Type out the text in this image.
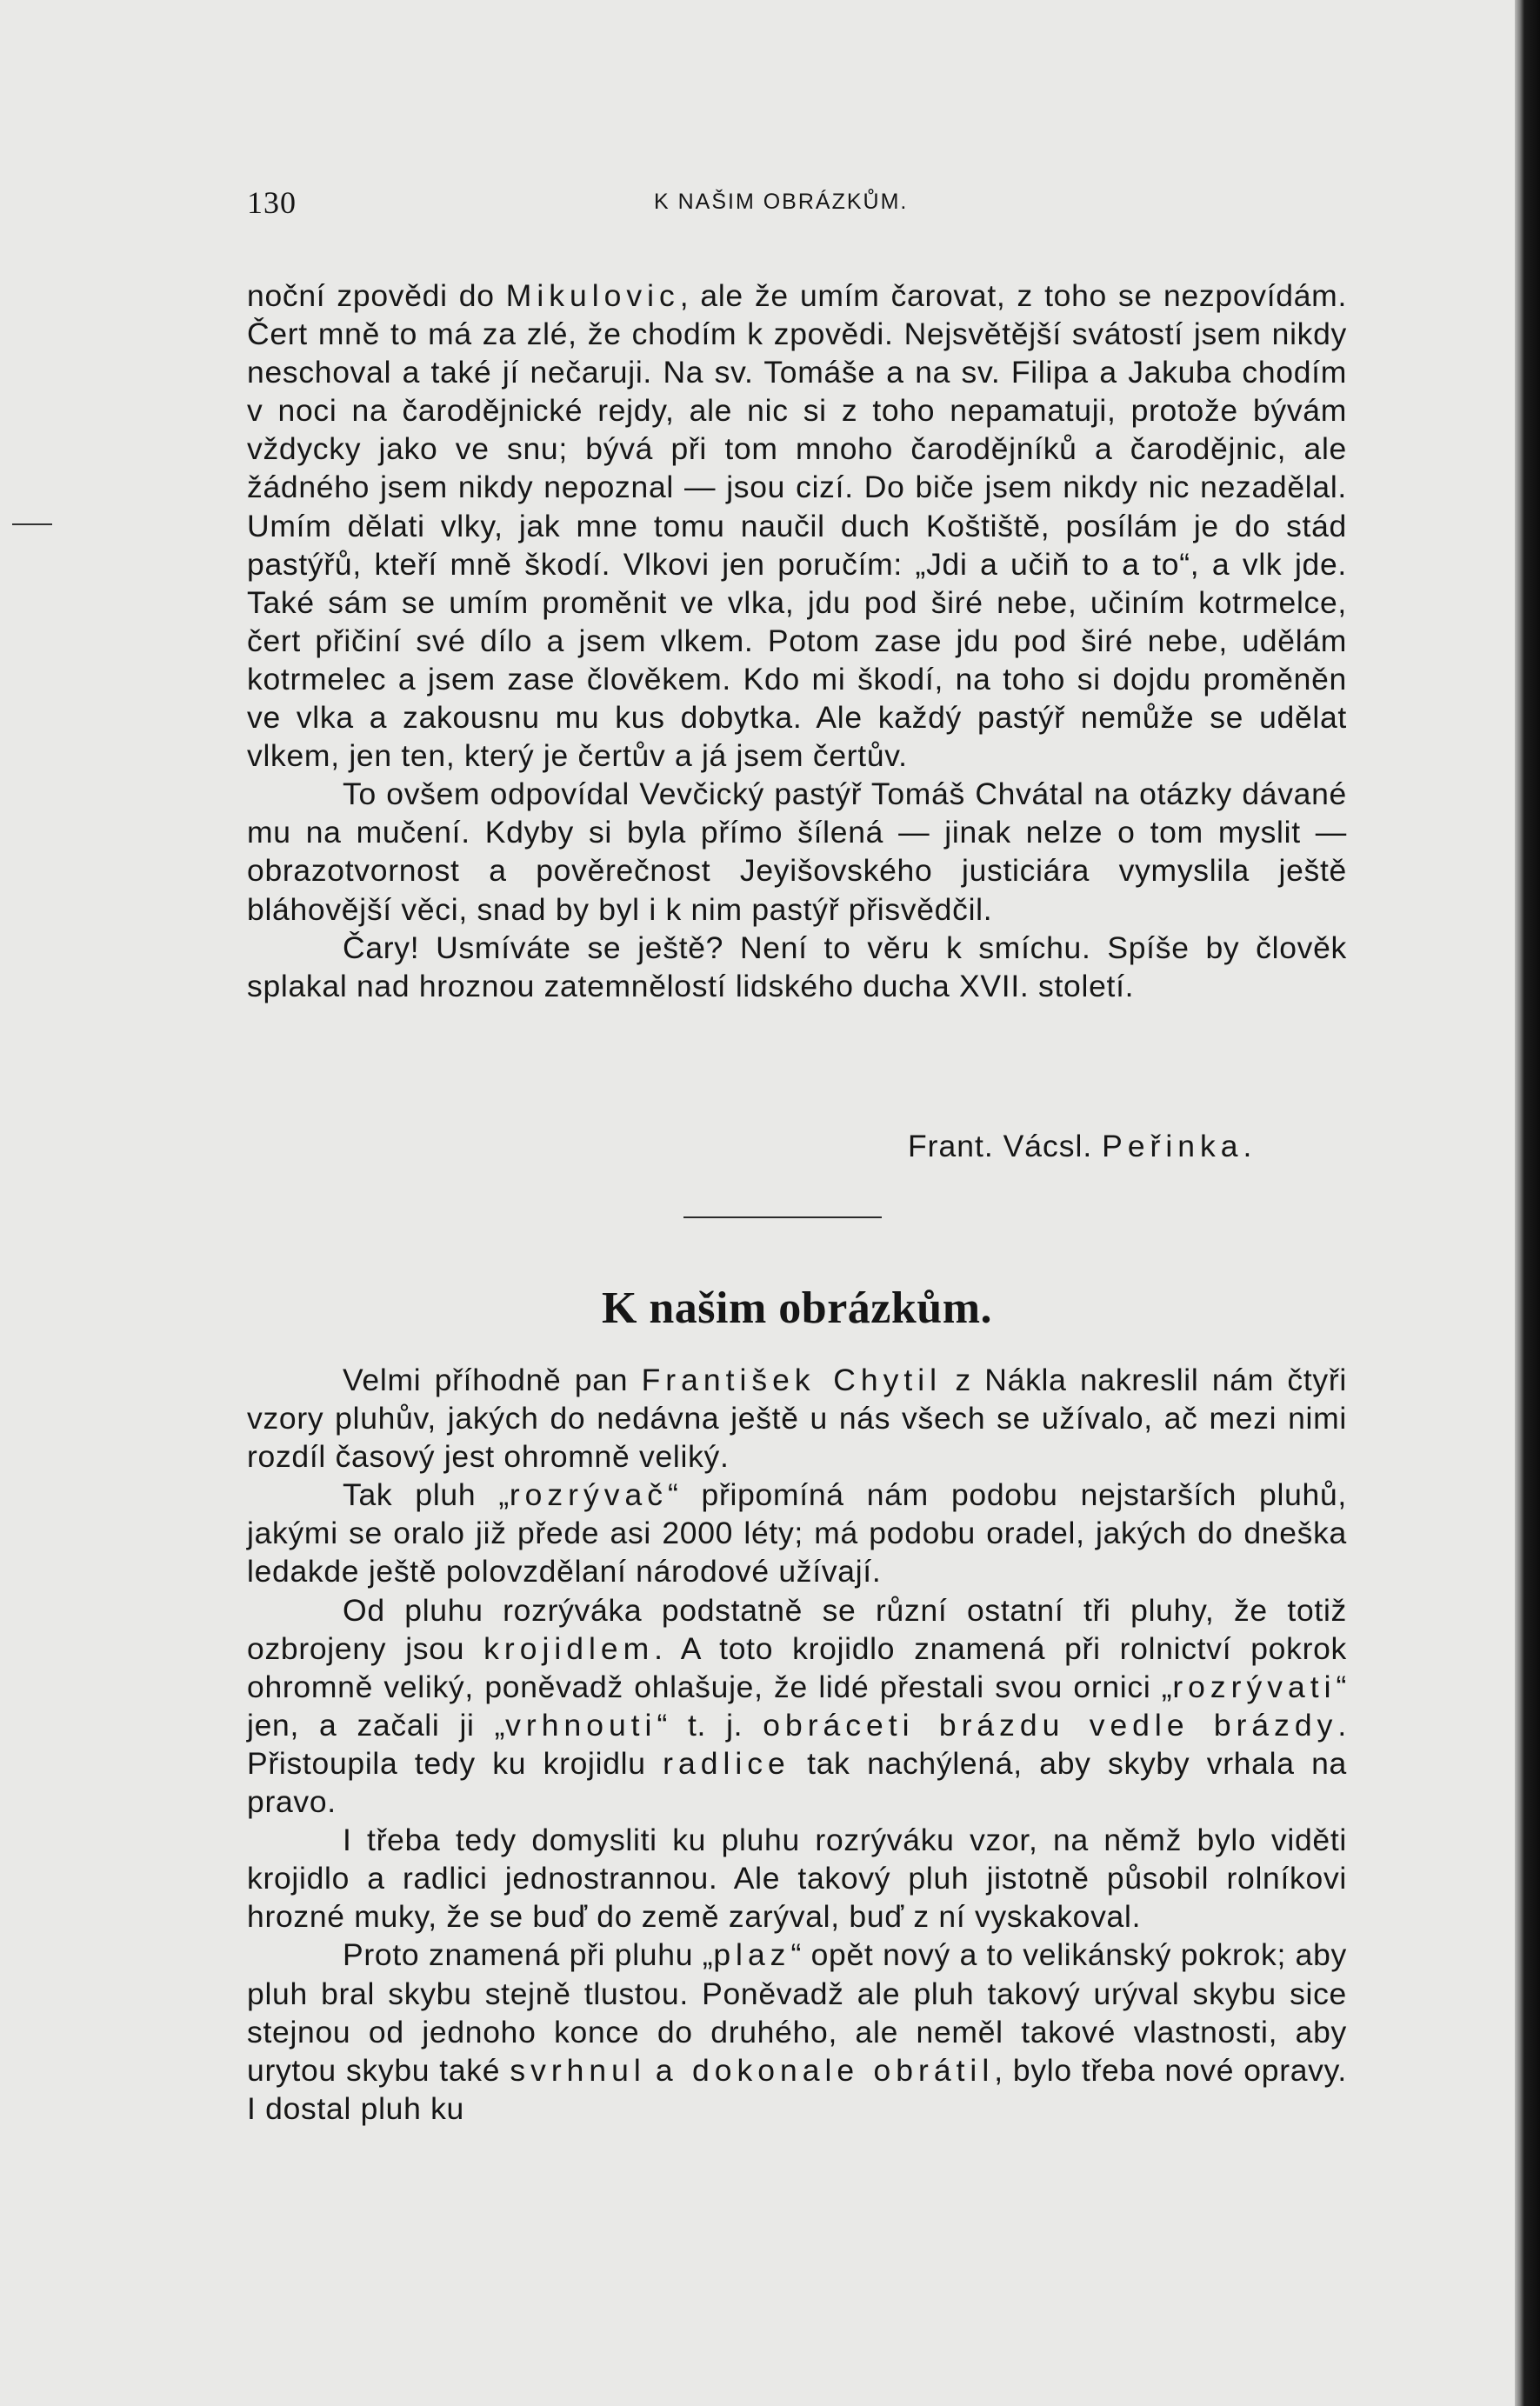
130	K NAŠIM OBRÁZKŮM.

noční zpovědi do Mikulovic, ale že umím čarovat, z toho se nezpovídám. Čert mně to má za zlé, že chodím k zpovědi. Nejsvětější svátostí jsem nikdy neschoval a také jí nečaruji. Na sv. Tomáše a na sv. Filipa a Jakuba chodím v noci na čarodějnické rejdy, ale nic si z toho nepamatuji, protože bývám vždycky jako ve snu; bývá při tom mnoho čarodějníků a čarodějnic, ale žádného jsem nikdy nepoznal — jsou cizí. Do biče jsem nikdy nic nezadělal. Umím dělati vlky, jak mne tomu naučil duch Koštiště, posílám je do stád pastýřů, kteří mně škodí. Vlkovi jen poručím: „Jdi a učiň to a to“, a vlk jde. Také sám se umím proměnit ve vlka, jdu pod širé nebe, učiním kotrmelce, čert přičiní své dílo a jsem vlkem. Potom zase jdu pod širé nebe, udělám kotrmelec a jsem zase člověkem. Kdo mi škodí, na toho si dojdu proměněn ve vlka a zakousnu mu kus dobytka. Ale každý pastýř nemůže se udělat vlkem, jen ten, který je čertův a já jsem čertův.

To ovšem odpovídal Vevčický pastýř Tomáš Chvátal na otázky dávané mu na mučení. Kdyby si byla přímo šílená — jinak nelze o tom myslit — obrazotvornost a pověrečnost Jeyišovského justiciára vymyslila ještě bláhovější věci, snad by byl i k nim pastýř přisvědčil.

Čary! Usmíváte se ještě? Není to věru k smíchu. Spíše by člověk splakal nad hroznou zatemnělostí lidského ducha XVII. století.

Frant. Vácsl. Peřinka.
K našim obrázkům.

Velmi příhodně pan František Chytil z Nákla nakreslil nám čtyři vzory pluhův, jakých do nedávna ještě u nás všech se užívalo, ač mezi nimi rozdíl časový jest ohromně veliký.

Tak pluh „rozrývač“ připomíná nám podobu nejstarších pluhů, jakými se oralo již přede asi 2000 léty; má podobu oradel, jakých do dneška ledakde ještě polovzdělaní národové užívají.

Od pluhu rozrýváka podstatně se různí ostatní tři pluhy, že totiž ozbrojeny jsou krojidlem. A toto krojidlo znamená při rolnictví pokrok ohromně veliký, poněvadž ohlašuje, že lidé přestali svou ornici „rozrývati“ jen, a začali ji „vrhnouti“ t. j. obráceti brázdu vedle brázdy. Přistoupila tedy ku krojidlu radlice tak nachýlená, aby skyby vrhala na pravo.

I třeba tedy domysliti ku pluhu rozrýváku vzor, na němž bylo viděti krojidlo a radlici jednostrannou. Ale takový pluh jistotně působil rolníkovi hrozné muky, že se buď do země zarýval, buď z ní vyskakoval.

Proto znamená při pluhu „plaz“ opět nový a to velikánský pokrok; aby pluh bral skybu stejně tlustou. Poněvadž ale pluh takový urýval skybu sice stejnou od jednoho konce do druhého, ale neměl takové vlastnosti, aby urytou skybu také svrhnul a dokonale obrátil, bylo třeba nové opravy. I dostal pluh ku
